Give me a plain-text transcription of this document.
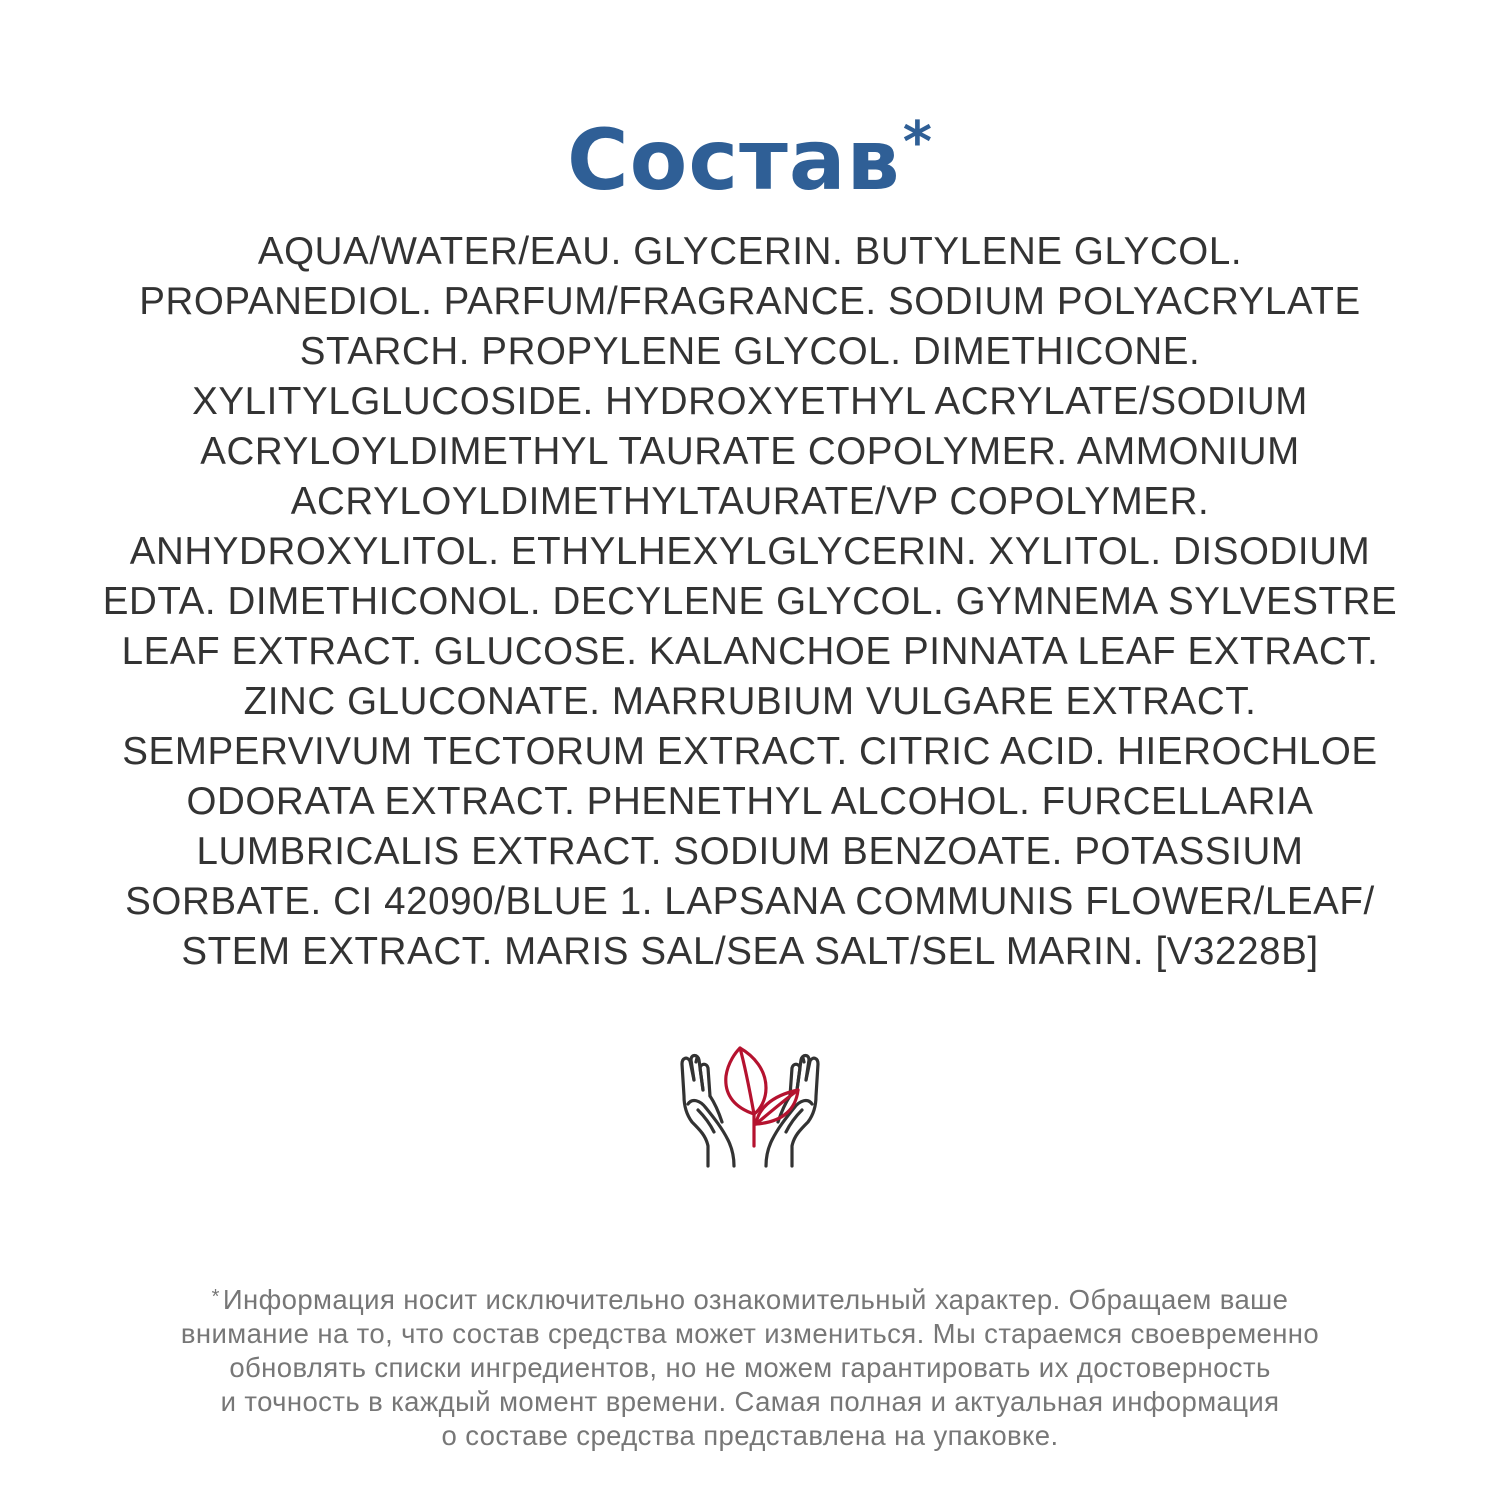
Состав*
AQUA/WATER/EAU. GLYCERIN. BUTYLENE GLYCOL.
PROPANEDIOL. PARFUM/FRAGRANCE. SODIUM POLYACRYLATE
STARCH. PROPYLENE GLYCOL. DIMETHICONE.
XYLITYLGLUCOSIDE. HYDROXYETHYL ACRYLATE/SODIUM
ACRYLOYLDIMETHYL TAURATE COPOLYMER. AMMONIUM
ACRYLOYLDIMETHYLTAURATE/VP COPOLYMER.
ANHYDROXYLITOL. ETHYLHEXYLGLYCERIN. XYLITOL. DISODIUM
EDTA. DIMETHICONOL. DECYLENE GLYCOL. GYMNEMA SYLVESTRE
LEAF EXTRACT. GLUCOSE. KALANCHOE PINNATA LEAF EXTRACT.
ZINC GLUCONATE. MARRUBIUM VULGARE EXTRACT.
SEMPERVIVUM TECTORUM EXTRACT. CITRIC ACID. HIEROCHLOE
ODORATA EXTRACT. PHENETHYL ALCOHOL. FURCELLARIA
LUMBRICALIS EXTRACT. SODIUM BENZOATE. POTASSIUM
SORBATE. CI 42090/BLUE 1. LAPSANA COMMUNIS FLOWER/LEAF/
STEM EXTRACT. MARIS SAL/SEA SALT/SEL MARIN. [V3228B]
* Информация носит исключительно ознакомительный характер. Обращаем ваше
внимание на то, что состав средства может измениться. Мы стараемся своевременно
обновлять списки ингредиентов, но не можем гарантировать их достоверность
и точность в каждый момент времени. Самая полная и актуальная информация
о составе средства представлена на упаковке.
